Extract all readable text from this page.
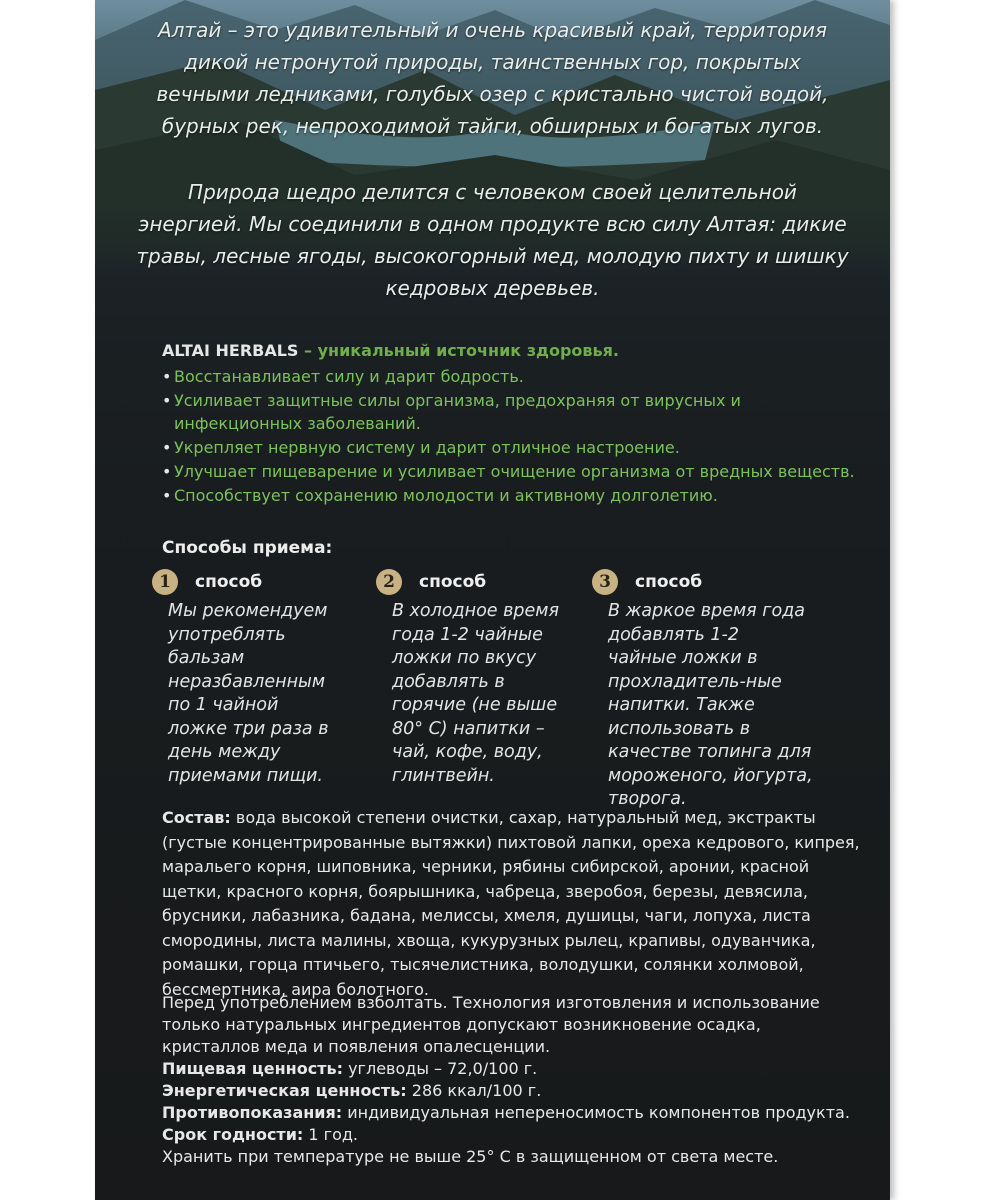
Алтай – это удивительный и очень красивый край, территория дикой нетронутой природы, таинственных гор, покрытых вечными ледниками, голубых озер с кристально чистой водой, бурных рек, непроходимой тайги, обширных и богатых лугов.

Природа щедро делится с человеком своей целительной энергией. Мы соединили в одном продукте всю силу Алтая: дикие травы, лесные ягоды, высокогорный мед, молодую пихту и шишку кедровых деревьев.

ALTAI HERBALS – уникальный источник здоровья.
• Восстанавливает силу и дарит бодрость.
• Усиливает защитные силы организма, предохраняя от вирусных и инфекционных заболеваний.
• Укрепляет нервную систему и дарит отличное настроение.
• Улучшает пищеварение и усиливает очищение организма от вредных веществ.
• Способствует сохранению молодости и активному долголетию.
Способы приема:
1	способ
Мы рекомендуем употреблять бальзам неразбавленным по 1 чайной ложке три раза в день между приемами пищи.
2	способ
В холодное время года 1-2 чайные ложки по вкусу добавлять в горячие (не выше 80° С) напитки – чай, кофе, воду, глинтвейн.
3	способ
В жаркое время года добавлять 1-2 чайные ложки в прохладитель-ные напитки. Также использовать в качестве топинга для мороженого, йогурта, творога.
Состав: вода высокой степени очистки, сахар, натуральный мед, экстракты (густые концентрированные вытяжки) пихтовой лапки, ореха кедрового, кипрея, маральего корня, шиповника, черники, рябины сибирской, аронии, красной щетки, красного корня, боярышника, чабреца, зверобоя, березы, девясила, брусники, лабазника, бадана, мелиссы, хмеля, душицы, чаги, лопуха, листа смородины, листа малины, хвоща, кукурузных рылец, крапивы, одуванчика, ромашки, горца птичьего, тысячелистника, володушки, солянки холмовой, бессмертника, аира болотного.
Перед употреблением взболтать. Технология изготовления и использование только натуральных ингредиентов допускают возникновение осадка, кристаллов меда и появления опалесценции.
Пищевая ценность: углеводы – 72,0/100 г.
Энергетическая ценность: 286 ккал/100 г.
Противопоказания: индивидуальная непереносимость компонентов продукта.
Срок годности: 1 год.
Хранить при температуре не выше 25° С в защищенном от света месте.
